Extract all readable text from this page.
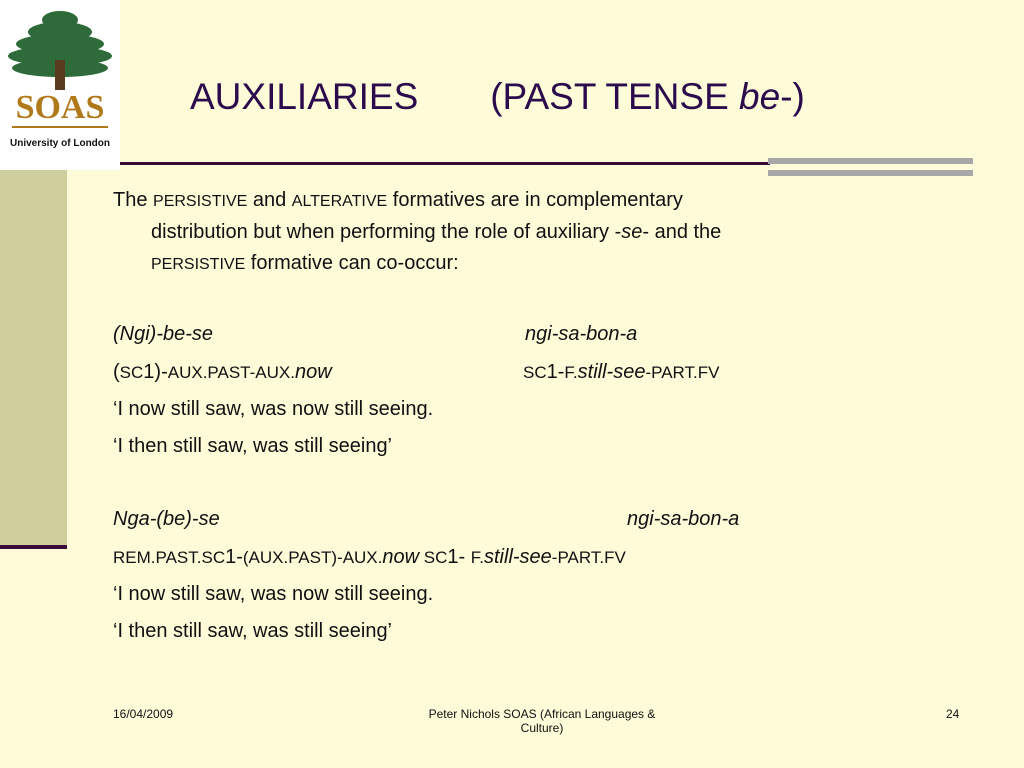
SOAS
University of London
AUXILIARIES (PAST TENSE be-)
The PERSISTIVE and ALTERATIVE formatives are in complementary
distribution but when performing the role of auxiliary -se- and the
PERSISTIVE formative can co-occur:
(Ngi)-be-se	ngi-sa-bon-a
(SC1)-AUX.PAST-AUX.now	SC1-F.still-see-PART.FV
‘I now still saw, was now still seeing.
‘I then still saw, was still seeing’
Nga-(be)-se	ngi-sa-bon-a
REM.PAST.SC1-(AUX.PAST)-AUX.now SC1- F.still-see-PART.FV
‘I now still saw, was now still seeing.
‘I then still saw, was still seeing’
16/04/2009	Peter Nichols SOAS (African Languages &
Culture)
24
